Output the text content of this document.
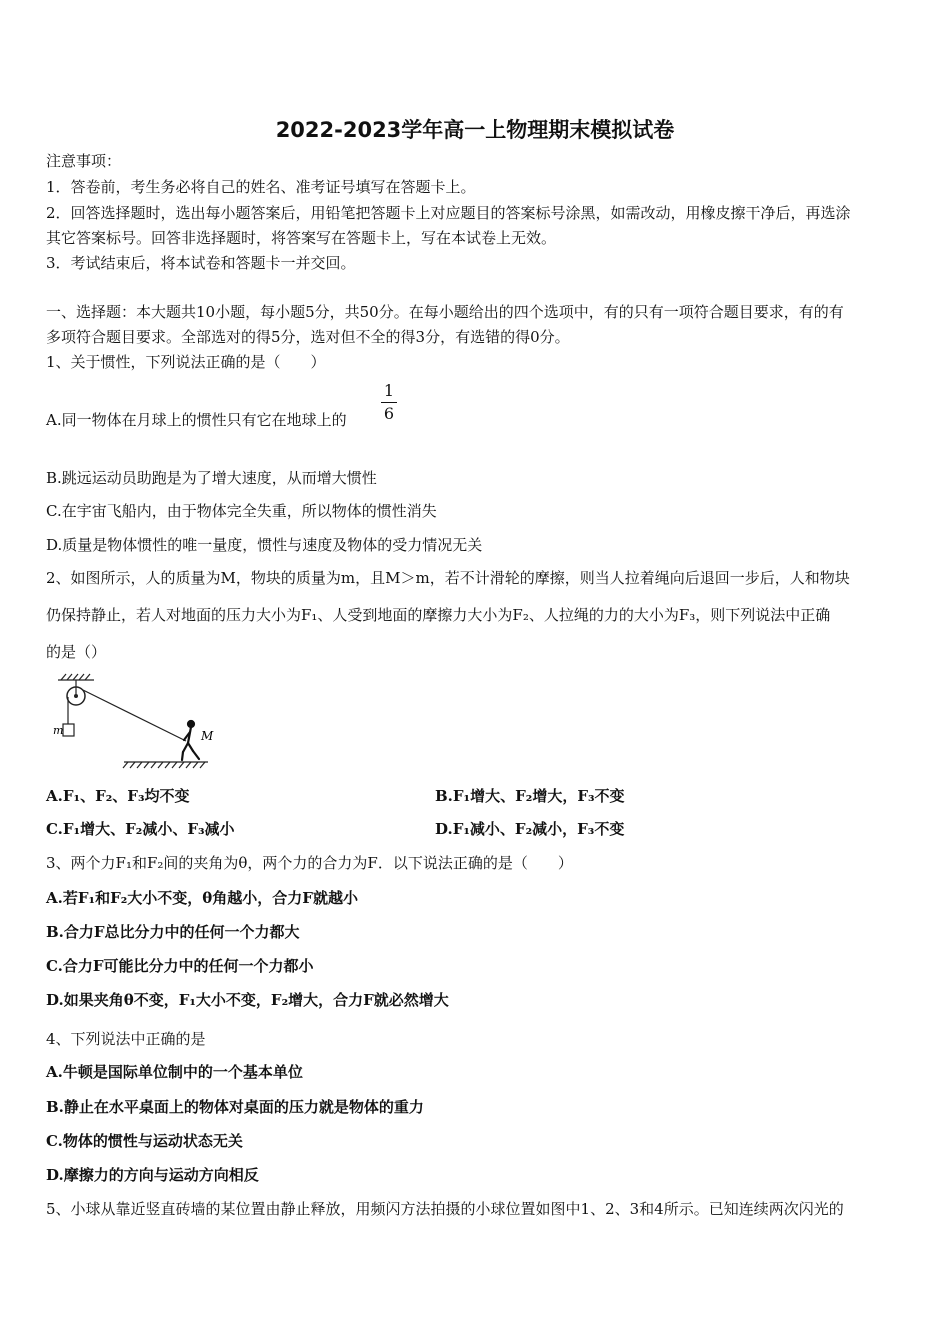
2022-2023学年高一上物理期末模拟试卷
注意事项：
1．答卷前，考生务必将自己的姓名、准考证号填写在答题卡上。
2．回答选择题时，选出每小题答案后，用铅笔把答题卡上对应题目的答案标号涂黑，如需改动，用橡皮擦干净后，再选涂
其它答案标号。回答非选择题时，将答案写在答题卡上，写在本试卷上无效。
3．考试结束后，将本试卷和答题卡一并交回。
一、选择题：本大题共10小题，每小题5分，共50分。在每小题给出的四个选项中，有的只有一项符合题目要求，有的有
多项符合题目要求。全部选对的得5分，选对但不全的得3分，有选错的得0分。
1、关于惯性，下列说法正确的是（　　）
A.同一物体在月球上的惯性只有它在地球上的
1
6
B.跳远运动员助跑是为了增大速度，从而增大惯性
C.在宇宙飞船内，由于物体完全失重，所以物体的惯性消失
D.质量是物体惯性的唯一量度，惯性与速度及物体的受力情况无关
2、如图所示，人的质量为M，物块的质量为m，且M＞m，若不计滑轮的摩擦，则当人拉着绳向后退回一步后，人和物块
仍保持静止，若人对地面的压力大小为F₁、人受到地面的摩擦力大小为F₂、人拉绳的力的大小为F₃，则下列说法中正确
的是（）
m	M
A.F₁、F₂、F₃均不变	B.F₁增大、F₂增大，F₃不变
C.F₁增大、F₂减小、F₃减小	D.F₁减小、F₂减小，F₃不变
3、两个力F₁和F₂间的夹角为θ，两个力的合力为F．以下说法正确的是（　　）
A.若F₁和F₂大小不变，θ角越小，合力F就越小
B.合力F总比分力中的任何一个力都大
C.合力F可能比分力中的任何一个力都小
D.如果夹角θ不变，F₁大小不变，F₂增大，合力F就必然增大
4、下列说法中正确的是
A.牛顿是国际单位制中的一个基本单位
B.静止在水平桌面上的物体对桌面的压力就是物体的重力
C.物体的惯性与运动状态无关
D.摩擦力的方向与运动方向相反
5、小球从靠近竖直砖墙的某位置由静止释放，用频闪方法拍摄的小球位置如图中1、2、3和4所示。已知连续两次闪光的
